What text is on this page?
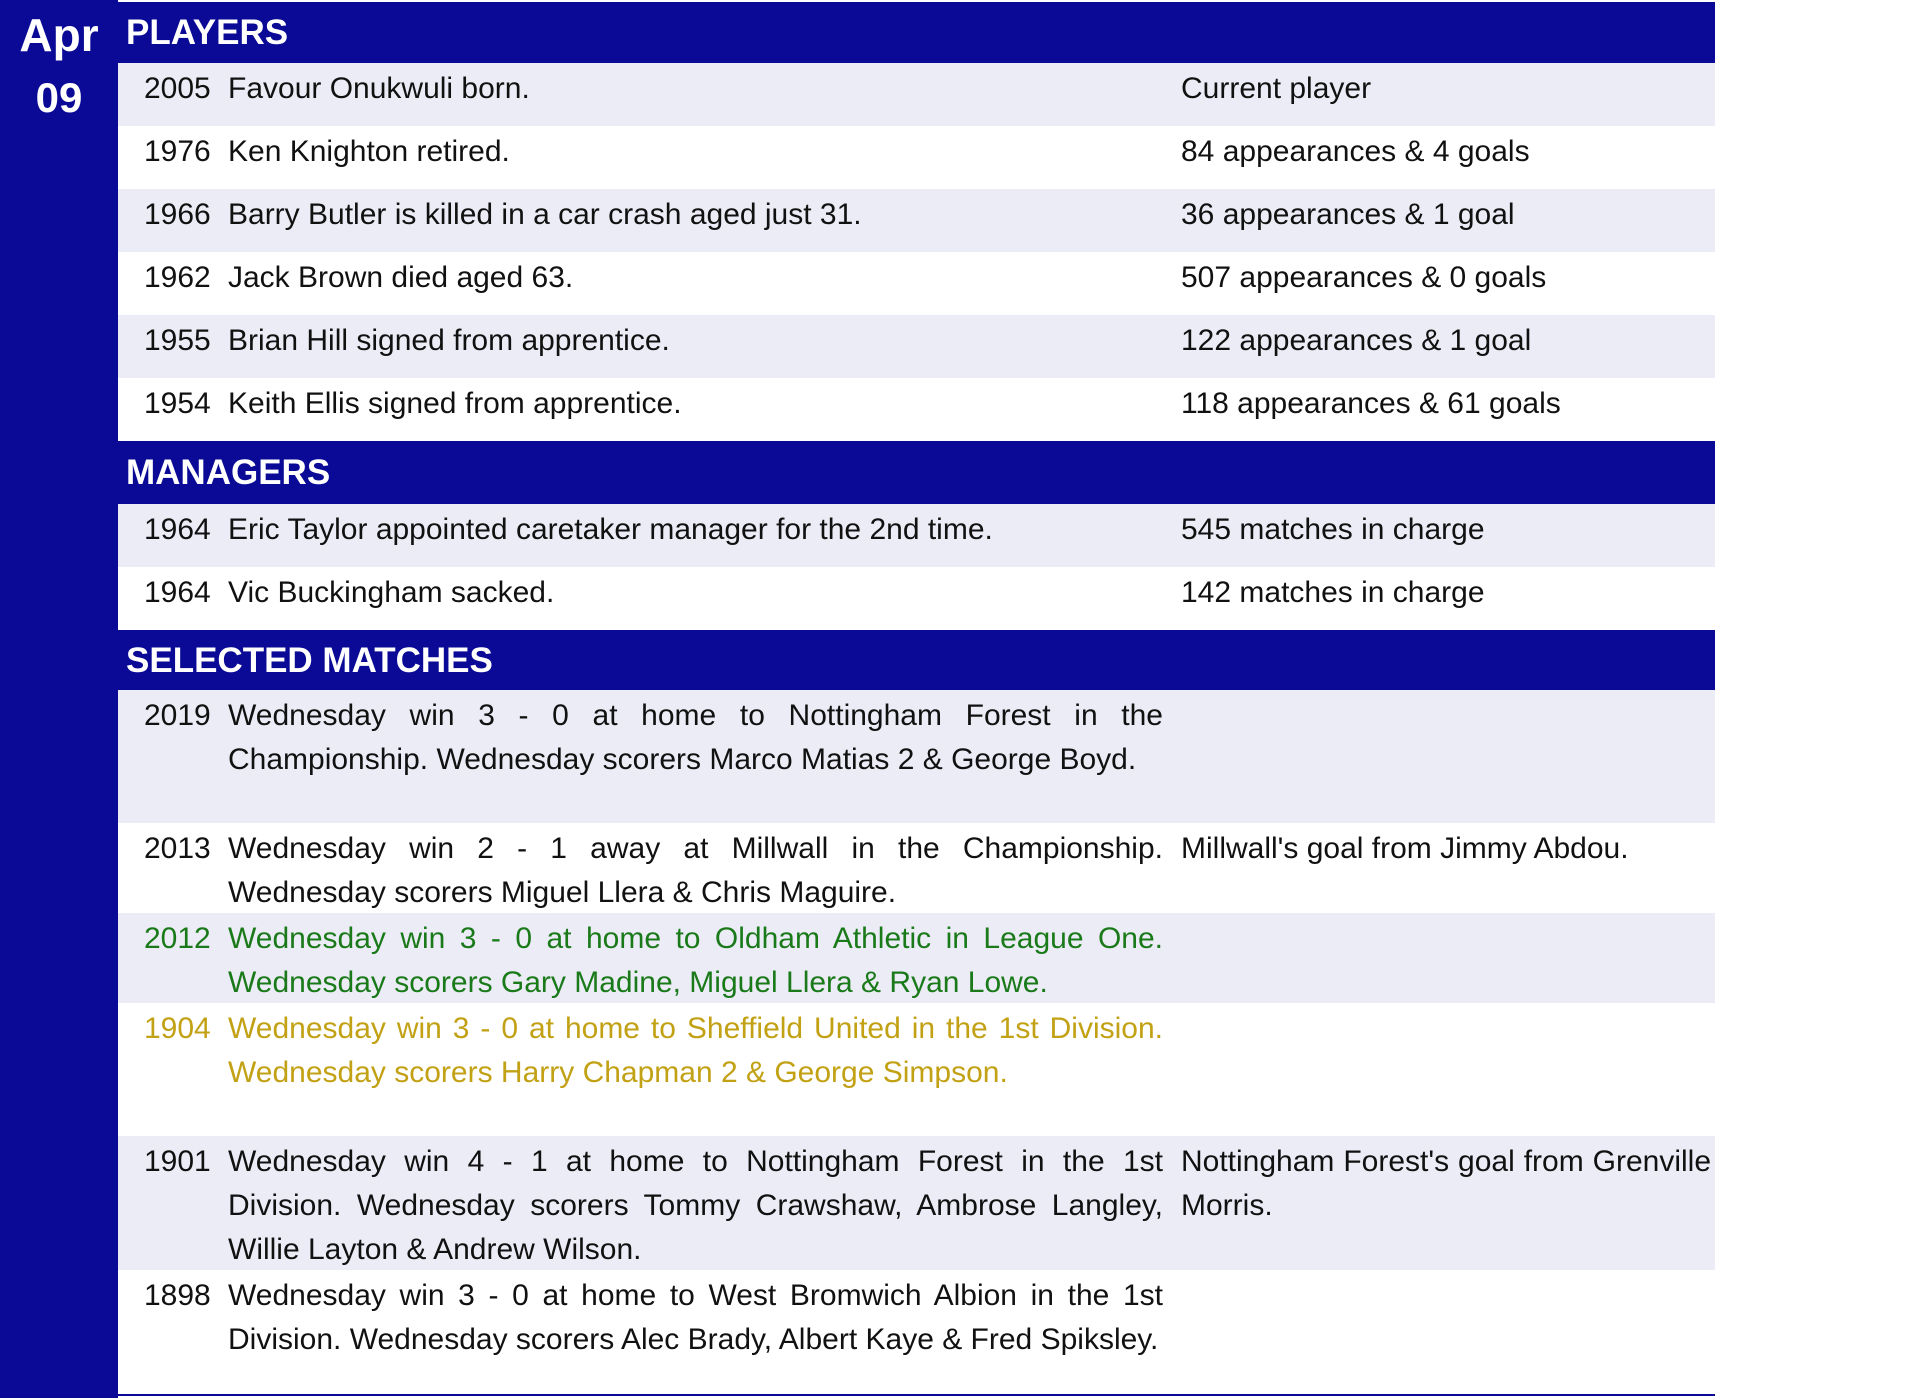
Apr
09
PLAYERS
2005 Favour Onukwuli born.	Current player
1976 Ken Knighton retired.	84 appearances & 4 goals
1966 Barry Butler is killed in a car crash aged just 31.	36 appearances & 1 goal
1962 Jack Brown died aged 63.	507 appearances & 0 goals
1955 Brian Hill signed from apprentice.	122 appearances & 1 goal
1954 Keith Ellis signed from apprentice.	118 appearances & 61 goals
MANAGERS
1964 Eric Taylor appointed caretaker manager for the 2nd time.	545 matches in charge
1964 Vic Buckingham sacked.	142 matches in charge
SELECTED MATCHES
2019 Wednesday win 3 - 0 at home to Nottingham Forest in the Championship. Wednesday scorers Marco Matias 2 & George Boyd.
2013 Wednesday win 2 - 1 away at Millwall in the Championship. Wednesday scorers Miguel Llera & Chris Maguire.
Millwall's goal from Jimmy Abdou.
2012 Wednesday win 3 - 0 at home to Oldham Athletic in League One. Wednesday scorers Gary Madine, Miguel Llera & Ryan Lowe.
1904 Wednesday win 3 - 0 at home to Sheffield United in the 1st Division. Wednesday scorers Harry Chapman 2 & George Simpson.
1901 Wednesday win 4 - 1 at home to Nottingham Forest in the 1st Division. Wednesday scorers Tommy Crawshaw, Ambrose Langley, Willie Layton & Andrew Wilson.
Nottingham Forest's goal from Grenville Morris.
1898 Wednesday win 3 - 0 at home to West Bromwich Albion in the 1st Division. Wednesday scorers Alec Brady, Albert Kaye & Fred Spiksley.
